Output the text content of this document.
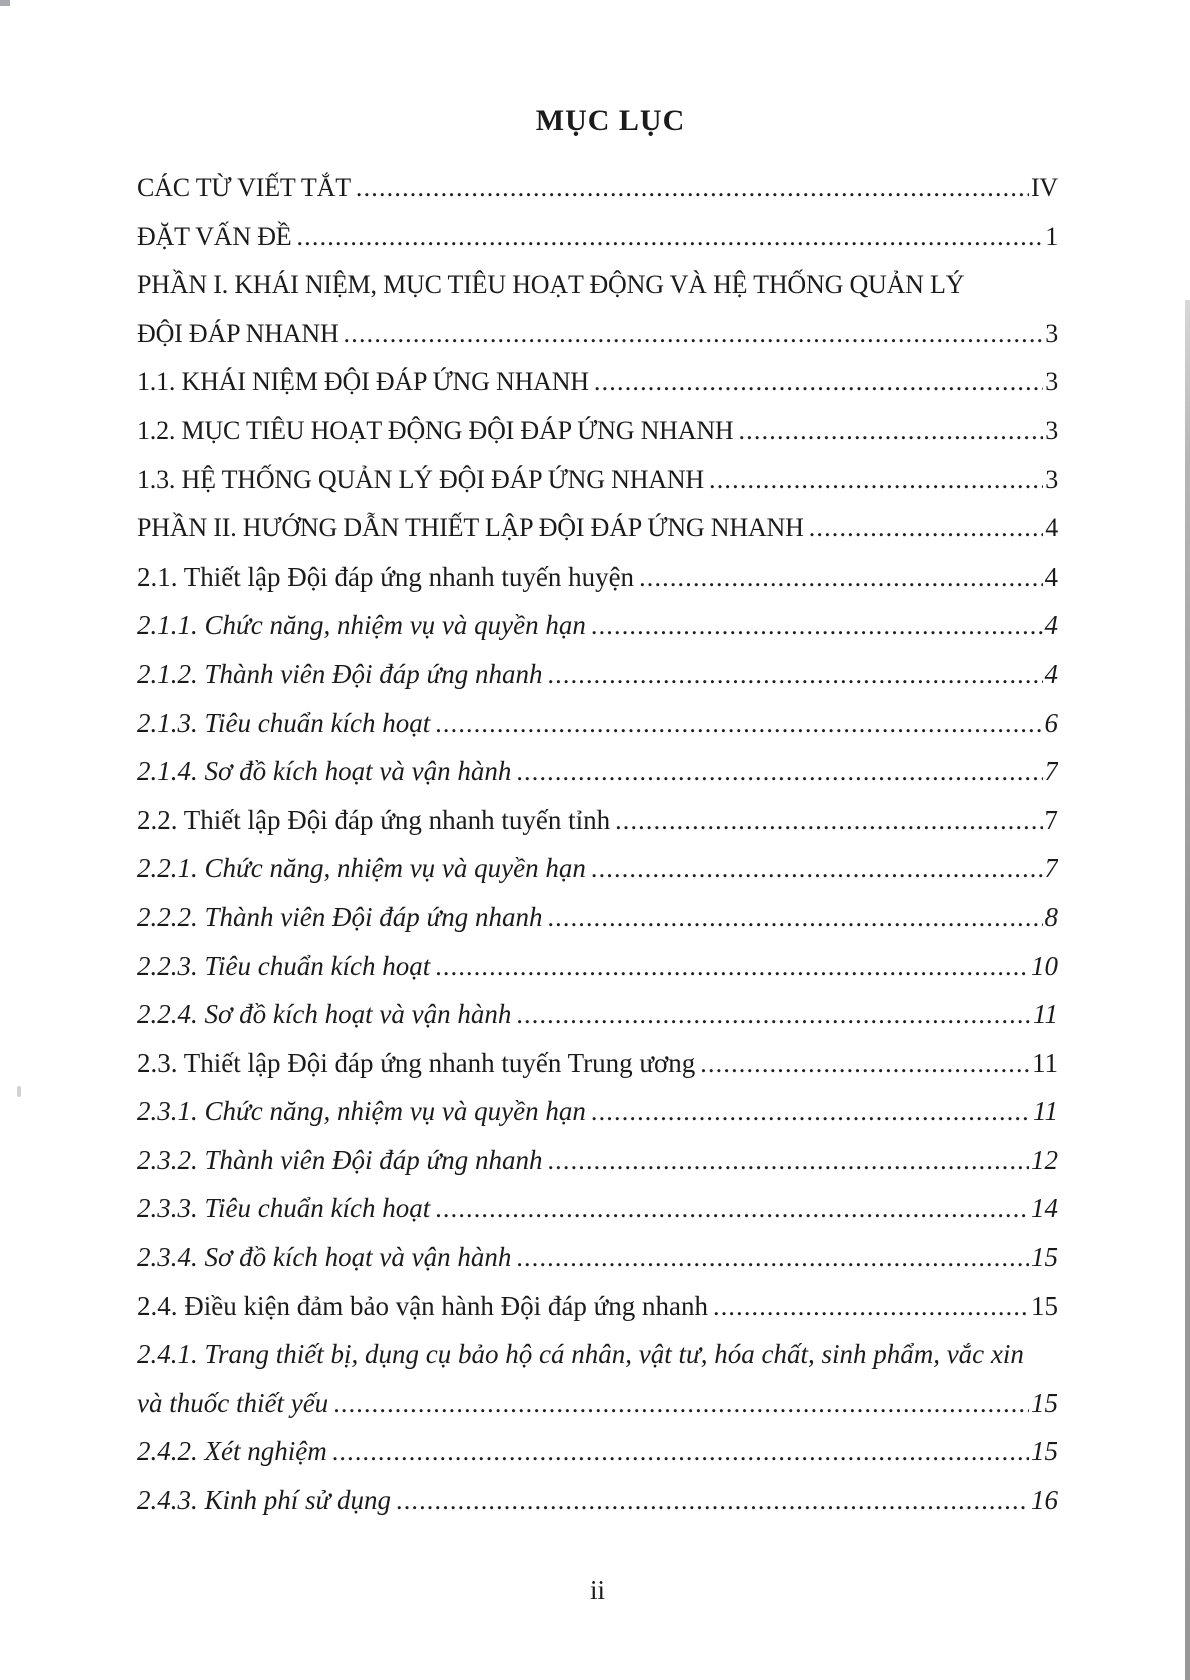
MỤC LỤC
CÁC TỪ VIẾT TẮT .....	IV
ĐẶT VẤN ĐỀ .....	1
PHẦN I. KHÁI NIỆM, MỤC TIÊU HOẠT ĐỘNG VÀ HỆ THỐNG QUẢN LÝ
ĐỘI ĐÁP NHANH .....	3
1.1. KHÁI NIỆM ĐỘI ĐÁP ỨNG NHANH .....	3
1.2. MỤC TIÊU HOẠT ĐỘNG ĐỘI ĐÁP ỨNG NHANH .....	3
1.3. HỆ THỐNG QUẢN LÝ ĐỘI ĐÁP ỨNG NHANH .....	3
PHẦN II. HƯỚNG DẪN THIẾT LẬP ĐỘI ĐÁP ỨNG NHANH .....	4
2.1. Thiết lập Đội đáp ứng nhanh tuyến huyện .....	4
2.1.1. Chức năng, nhiệm vụ và quyền hạn .....	4
2.1.2. Thành viên Đội đáp ứng nhanh .....	4
2.1.3. Tiêu chuẩn kích hoạt .....	6
2.1.4. Sơ đồ kích hoạt và vận hành .....	7
2.2. Thiết lập Đội đáp ứng nhanh tuyến tỉnh .....	7
2.2.1. Chức năng, nhiệm vụ và quyền hạn .....	7
2.2.2. Thành viên Đội đáp ứng nhanh .....	8
2.2.3. Tiêu chuẩn kích hoạt .....	10
2.2.4. Sơ đồ kích hoạt và vận hành .....	11
2.3. Thiết lập Đội đáp ứng nhanh tuyến Trung ương .....	11
2.3.1. Chức năng, nhiệm vụ và quyền hạn .....	11
2.3.2. Thành viên Đội đáp ứng nhanh .....	12
2.3.3. Tiêu chuẩn kích hoạt .....	14
2.3.4. Sơ đồ kích hoạt và vận hành .....	15
2.4. Điều kiện đảm bảo vận hành Đội đáp ứng nhanh .....	15
2.4.1. Trang thiết bị, dụng cụ bảo hộ cá nhân, vật tư, hóa chất, sinh phẩm, vắc xin
và thuốc thiết yếu .....	15
2.4.2. Xét nghiệm .....	15
2.4.3. Kinh phí sử dụng .....	16
ii
